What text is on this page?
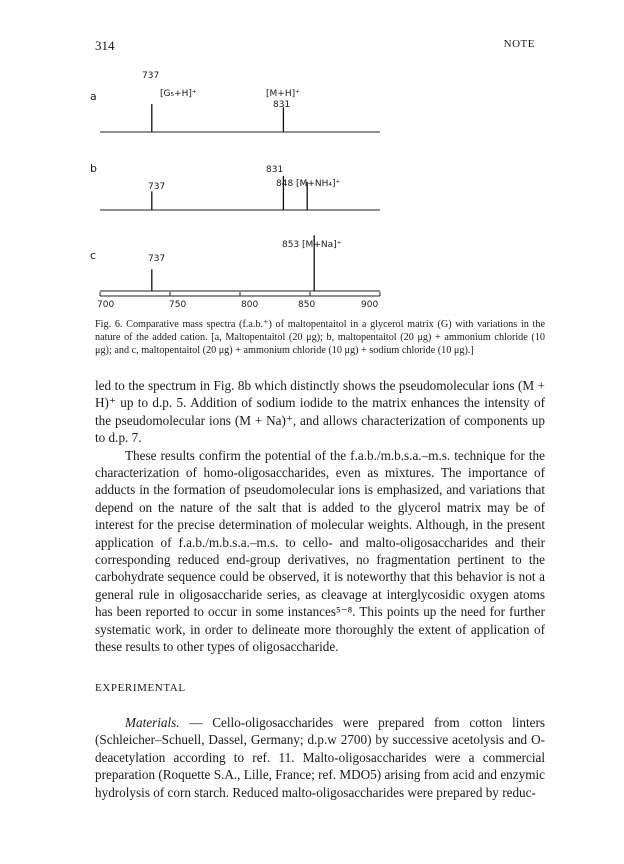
314	NOTE
a
b
c
737
[G₅+H]⁺	[M+H]⁺
831
831
737	848 [M+NH₄]⁺
853 [M+Na]⁺
737
700	750	800	850	900
Fig. 6. Comparative mass spectra (f.a.b.⁺) of maltopentaitol in a glycerol matrix (G) with variations in the nature of the added cation. [a, Maltopentaitol (20 μg); b, maltopentaitol (20 μg) + ammonium chloride (10 μg); and c, maltopentaitol (20 μg) + ammonium chloride (10 μg) + sodium chloride (10 μg).]

led to the spectrum in Fig. 8b which distinctly shows the pseudomolecular ions (M + H)⁺ up to d.p. 5. Addition of sodium iodide to the matrix enhances the intensity of the pseudomolecular ions (M + Na)⁺, and allows characterization of components up to d.p. 7.

These results confirm the potential of the f.a.b./m.b.s.a.–m.s. technique for the characterization of homo-oligosaccharides, even as mixtures. The importance of adducts in the formation of pseudomolecular ions is emphasized, and variations that depend on the nature of the salt that is added to the glycerol matrix may be of interest for the precise determination of molecular weights. Although, in the present application of f.a.b./m.b.s.a.–m.s. to cello- and malto-oligosaccharides and their corresponding reduced end-group derivatives, no fragmentation pertinent to the carbohydrate sequence could be observed, it is noteworthy that this behavior is not a general rule in oligosaccharide series, as cleavage at interglycosidic oxygen atoms has been reported to occur in some instances⁵⁻⁸. This points up the need for further systematic work, in order to delineate more thoroughly the extent of application of these results to other types of oligosaccharide.

EXPERIMENTAL

Materials. — Cello-oligosaccharides were prepared from cotton linters (Schleicher–Schuell, Dassel, Germany; d.p.w 2700) by successive acetolysis and O-deacetylation according to ref. 11. Malto-oligosaccharides were a commercial preparation (Roquette S.A., Lille, France; ref. MDO5) arising from acid and enzymic hydrolysis of corn starch. Reduced malto-oligosaccharides were prepared by reduc-
